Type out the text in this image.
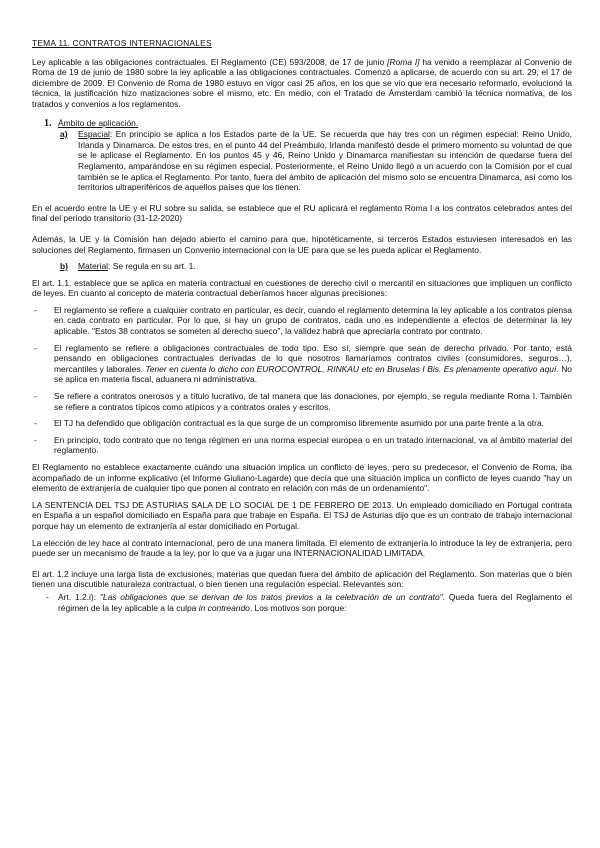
TEMA 11. CONTRATOS INTERNACIONALES

Ley aplicable a las obligaciones contractuales. El Reglamento (CE) 593/2008, de 17 de junio [Roma I] ha venido a reemplazar al Convenio de Roma de 19 de junio de 1980 sobre la ley aplicable a las obligaciones contractuales. Comenzó a aplicarse, de acuerdo con su art. 29, el 17 de diciembre de 2009. El Convenio de Roma de 1980 estuvo en vigor casi 25 años, en los que se vio que era necesario reformarlo, evolucionó la técnica, la justificación hizo matizaciones sobre el mismo, etc. En medio, con el Tratado de Ámsterdam cambió la técnica normativa, de los tratados y convenios a los reglamentos.

1. Ámbito de aplicación.
a)	Espacial: En principio se aplica a los Estados parte de la UE. Se recuerda que hay tres con un régimen especial: Reino Unido, Irlanda y Dinamarca. De estos tres, en el punto 44 del Preámbulo, Irlanda manifestó desde el primero momento su voluntad de que se le aplicase el Reglamento. En los puntos 45 y 46, Reino Unido y Dinamarca manifiestan su intención de quedarse fuera del Reglamento, amparándose en su régimen especial. Posteriormente, el Reino Unido llegó a un acuerdo con la Comisión por el cual también se le aplica el Reglamento. Por tanto, fuera del ámbito de aplicación del mismo solo se encuentra Dinamarca, así como los territorios ultraperiféricos de aquellos países que los tienen.

En el acuerdo entre la UE y el RU sobre su salida, se establece que el RU aplicará el reglamento Roma I a los contratos celebrados antes del final del periodo transitorio (31-12-2020)

Además, la UE y la Comisión han dejado abierto el camino para que, hipotéticamente, si terceros Estados estuviesen interesados en las soluciones del Reglamento, firmasen un Convenio internacional con la UE para que se les pueda aplicar el Reglamento.

b)	Material: Se regula en su art. 1.

El art. 1.1. establece que se aplica en materia contractual en cuestiones de derecho civil o mercantil en situaciones que impliquen un conflicto de leyes. En cuanto al concepto de materia contractual deberíamos hacer algunas precisiones:

-	El reglamento se refiere a cualquier contrato en particular, es decir, cuando el reglamento determina la ley aplicable a los contratos piensa en cada contrato en particular. Por lo que, si hay un grupo de contratos, cada uno es independiente a efectos de determinar la ley aplicable. "Estos 38 contratos se someten al derecho sueco", la validez habrá que apreciarla contrato por contrato.
-	El reglamento se refiere a obligaciones contractuales de todo tipo. Eso sí, siempre que sean de derecho privado. Por tanto, está pensando en obligaciones contractuales derivadas de lo que nosotros llamaríamos contratos civiles (consumidores, seguros…), mercantiles y laborales. Tener en cuenta lo dicho con EUROCONTROL, RINKAU etc en Bruselas I Bis. Es plenamente operativo aquí. No se aplica en materia fiscal, aduanera ni administrativa.
-	Se refiere a contratos onerosos y a título lucrativo, de tal manera que las donaciones, por ejemplo, se regula mediante Roma I. También se refiere a contratos típicos como atípicos y a contratos orales y escritos.
-	El TJ ha defendido que obligación contractual es la que surge de un compromiso libremente asumido por una parte frente a la otra.
-	En principio, todo contrato que no tenga régimen en una norma especial europea o en un tratado internacional, va al ámbito material del reglamento.

El Reglamento no establece exactamente cuándo una situación implica un conflicto de leyes, pero su predecesor, el Convenio de Roma, iba acompañado de un informe explicativo (el Informe Giuliano-Lagarde) que decía que una situación implica un conflicto de leyes cuando "hay un elemento de extranjería de cualquier tipo que ponen al contrato en relación con más de un ordenamiento".

LA SENTENCIA DEL TSJ DE ASTURIAS SALA DE LO SOCIAL DE 1 DE FEBRERO DE 2013. Un empleado domiciliado en Portugal contrata en España a un español domiciliado en España para que trabaje en España. El TSJ de Asturias dijo que es un contrato de trabajo internacional porque hay un elemento de extranjería al estar domiciliado en Portugal.

La elección de ley hace al contrato internacional, pero de una manera limitada. El elemento de extranjería lo introduce la ley de extranjería, pero puede ser un mecanismo de fraude a la ley, por lo que va a jugar una INTERNACIONALIDAD LIMITADA.

El art. 1.2 incluye una larga lista de exclusiones, materias que quedan fuera del ámbito de aplicación del Reglamento. Son materias que o bien tienen una discutible naturaleza contractual, o bien tienen una regulación especial. Relevantes son:

-	Art. 1.2.i): "Las obligaciones que se derivan de los tratos previos a la celebración de un contrato". Queda fuera del Reglamento el régimen de la ley aplicable a la culpa in contreando. Los motivos son porque:
